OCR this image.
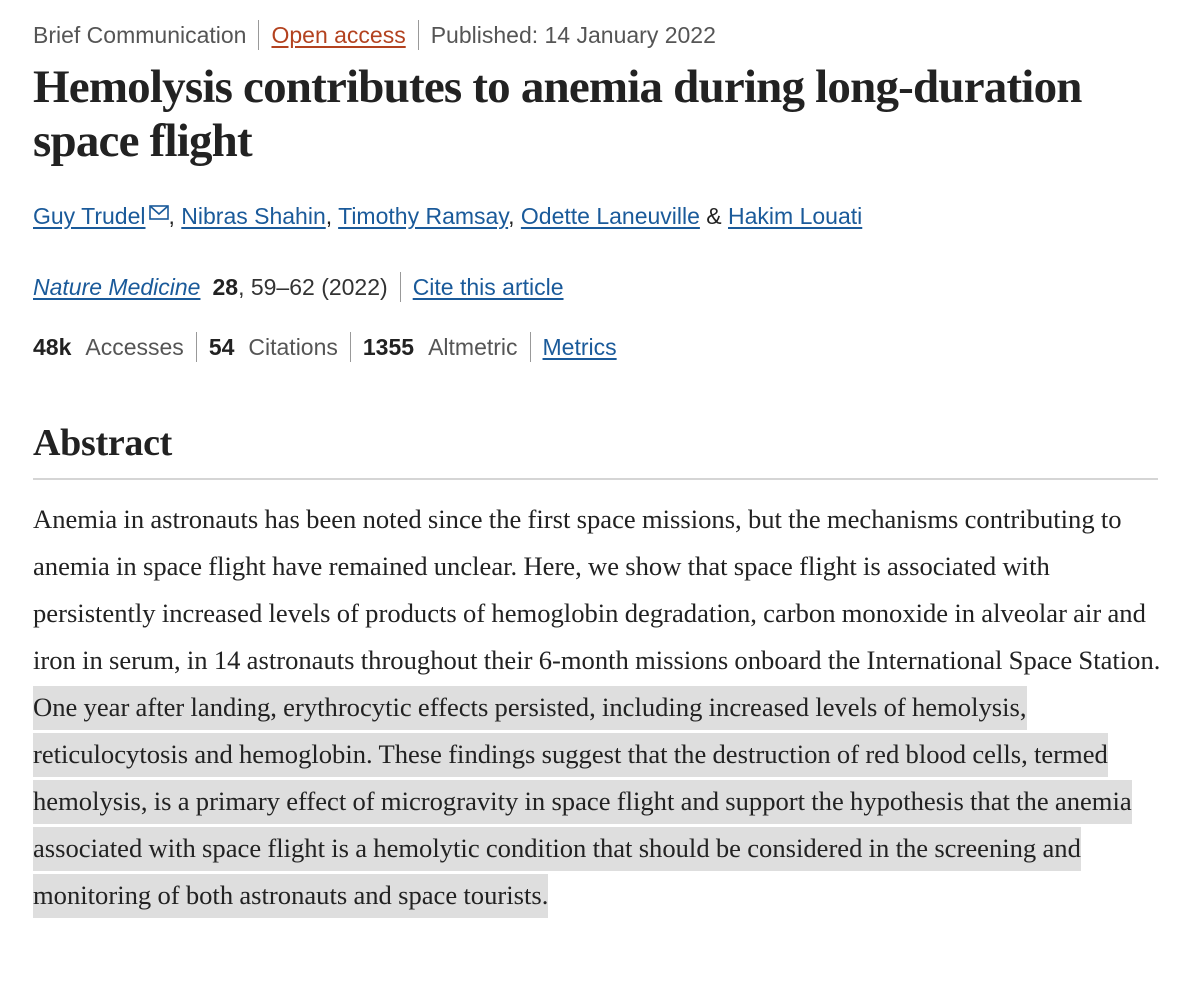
Brief Communication Open access Published: 14 January 2022
Hemolysis contributes to anemia during long-duration space flight
Guy Trudel , Nibras Shahin, Timothy Ramsay, Odette Laneuville & Hakim Louati
Nature Medicine 28 , 59–62 (2022) Cite this article
48k Accesses 54 Citations 1355 Altmetric Metrics
Abstract

Anemia in astronauts has been noted since the first space missions, but the mechanisms contributing to anemia in space flight have remained unclear. Here, we show that space flight is associated with persistently increased levels of products of hemoglobin degradation, carbon monoxide in alveolar air and iron in serum, in 14 astronauts throughout their 6-month missions onboard the International Space Station. One year after landing, erythrocytic effects persisted, including increased levels of hemolysis, reticulocytosis and hemoglobin. These findings suggest that the destruction of red blood cells, termed hemolysis, is a primary effect of microgravity in space flight and support the hypothesis that the anemia associated with space flight is a hemolytic condition that should be considered in the screening and monitoring of both astronauts and space tourists.
